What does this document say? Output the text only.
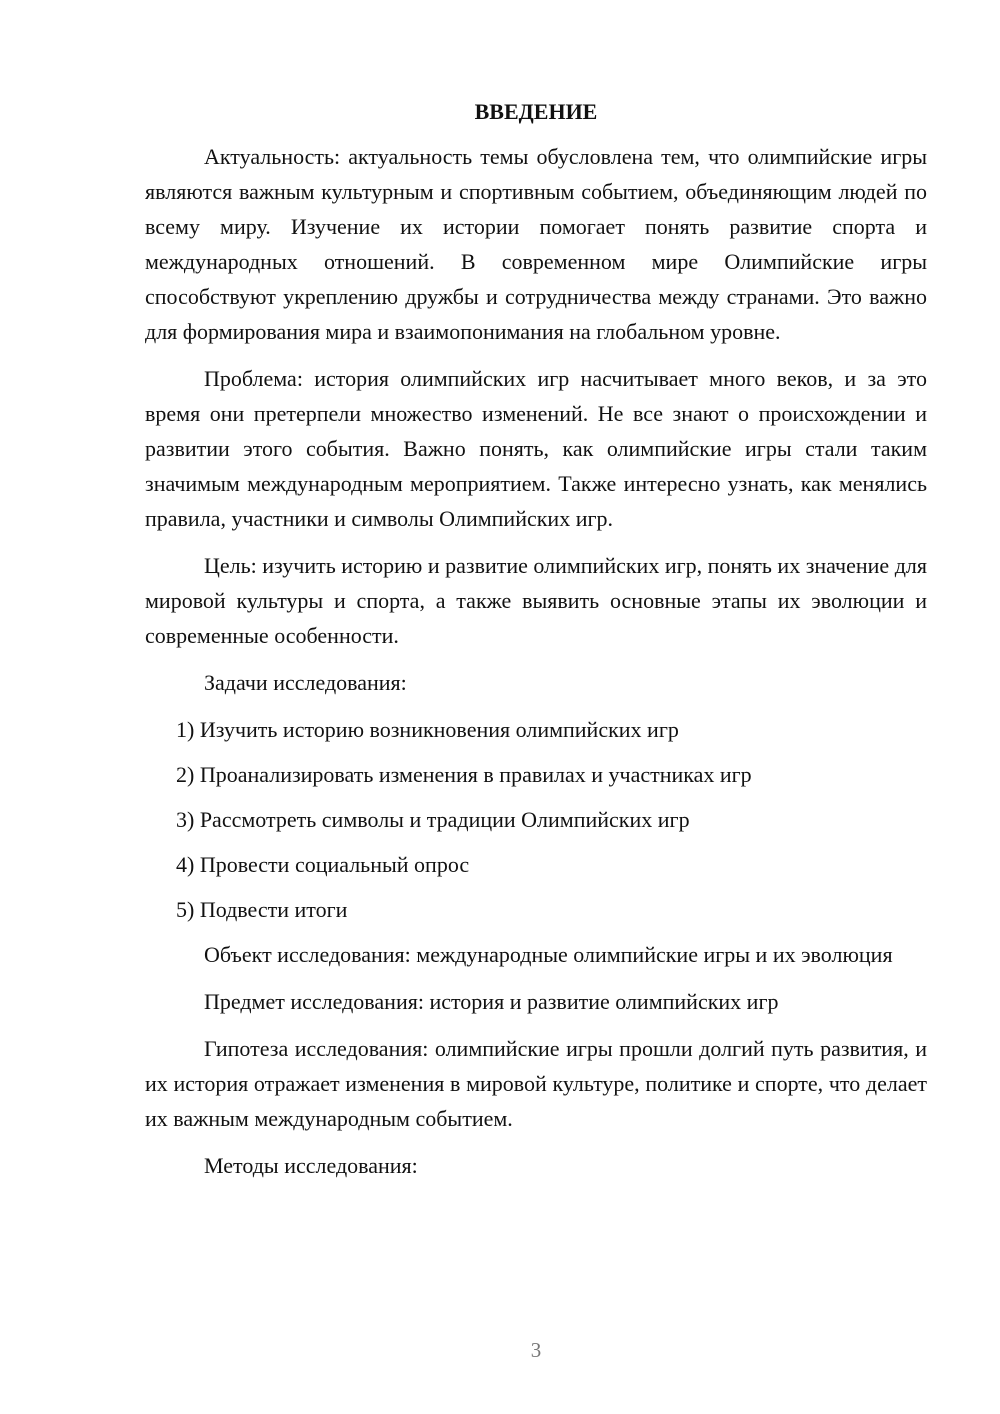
ВВЕДЕНИЕ

Актуальность: актуальность темы обусловлена тем, что олимпийские игры являются важным культурным и спортивным событием, объединяющим людей по всему миру. Изучение их истории помогает понять развитие спорта и международных отношений. В современном мире Олимпийские игры способствуют укреплению дружбы и сотрудничества между странами. Это важно для формирования мира и взаимопонимания на глобальном уровне.

Проблема: история олимпийских игр насчитывает много веков, и за это время они претерпели множество изменений. Не все знают о происхождении и развитии этого события. Важно понять, как олимпийские игры стали таким значимым международным мероприятием. Также интересно узнать, как менялись правила, участники и символы Олимпийских игр.

Цель: изучить историю и развитие олимпийских игр, понять их значение для мировой культуры и спорта, а также выявить основные этапы их эволюции и современные особенности.

Задачи исследования:

1) Изучить историю возникновения олимпийских игр

2) Проанализировать изменения в правилах и участниках игр

3) Рассмотреть символы и традиции Олимпийских игр

4) Провести социальный опрос

5) Подвести итоги

Объект исследования: международные олимпийские игры и их эволюция

Предмет исследования: история и развитие олимпийских игр

Гипотеза исследования: олимпийские игры прошли долгий путь развития, и их история отражает изменения в мировой культуре, политике и спорте, что делает их важным международным событием.

Методы исследования:

3
